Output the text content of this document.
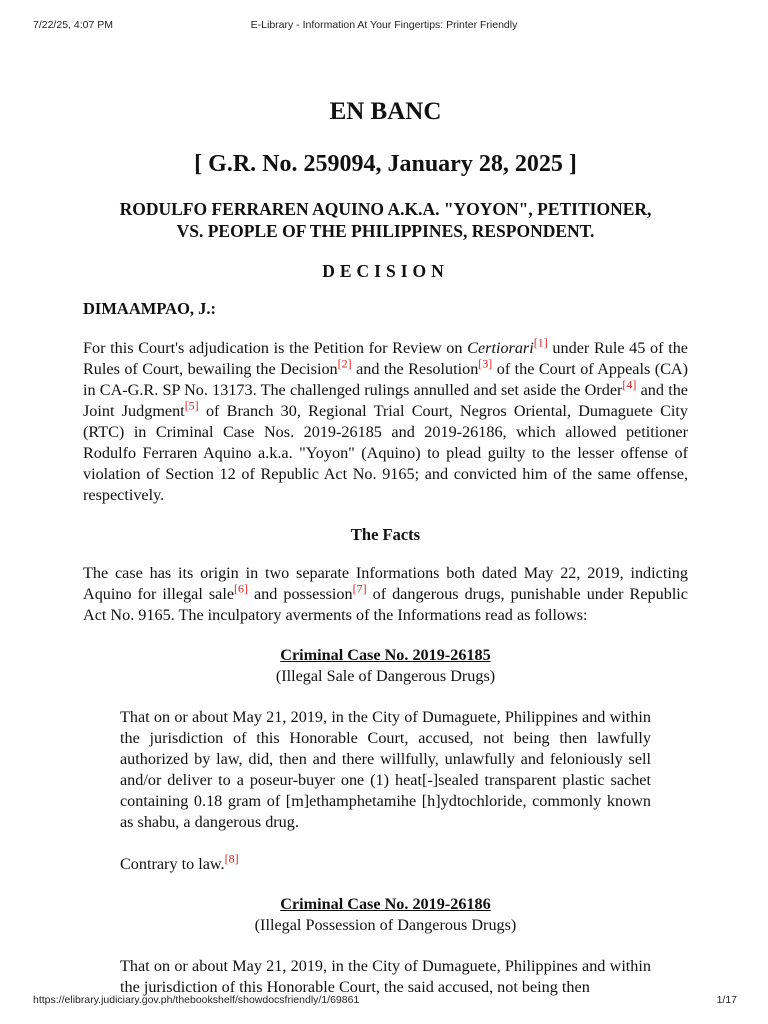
7/22/25, 4:07 PM	E-Library - Information At Your Fingertips: Printer Friendly
EN BANC
[ G.R. No. 259094, January 28, 2025 ]
RODULFO FERRAREN AQUINO A.K.A. "YOYON", PETITIONER,
VS. PEOPLE OF THE PHILIPPINES, RESPONDENT.
DECISION
DIMAAMPAO, J.:

For this Court's adjudication is the Petition for Review on Certiorari[1] under Rule 45 of the Rules of Court, bewailing the Decision[2] and the Resolution[3] of the Court of Appeals (CA) in CA-G.R. SP No. 13173. The challenged rulings annulled and set aside the Order[4] and the Joint Judgment[5] of Branch 30, Regional Trial Court, Negros Oriental, Dumaguete City (RTC) in Criminal Case Nos. 2019-26185 and 2019-26186, which allowed petitioner Rodulfo Ferraren Aquino a.k.a. "Yoyon" (Aquino) to plead guilty to the lesser offense of violation of Section 12 of Republic Act No. 9165; and convicted him of the same offense, respectively.

The Facts

The case has its origin in two separate Informations both dated May 22, 2019, indicting Aquino for illegal sale[6] and possession[7] of dangerous drugs, punishable under Republic Act No. 9165. The inculpatory averments of the Informations read as follows:

Criminal Case No. 2019-26185
(Illegal Sale of Dangerous Drugs)

That on or about May 21, 2019, in the City of Dumaguete, Philippines and within the jurisdiction of this Honorable Court, accused, not being then lawfully authorized by law, did, then and there willfully, unlawfully and feloniously sell and/or deliver to a poseur-buyer one (1) heat[-]sealed transparent plastic sachet containing 0.18 gram of [m]ethamphetamihe [h]ydtochloride, commonly known as shabu, a dangerous drug.

Contrary to law.[8]

Criminal Case No. 2019-26186
(Illegal Possession of Dangerous Drugs)

That on or about May 21, 2019, in the City of Dumaguete, Philippines and within the jurisdiction of this Honorable Court, the said accused, not being then

https://elibrary.judiciary.gov.ph/thebookshelf/showdocsfriendly/1/69861	1/17
